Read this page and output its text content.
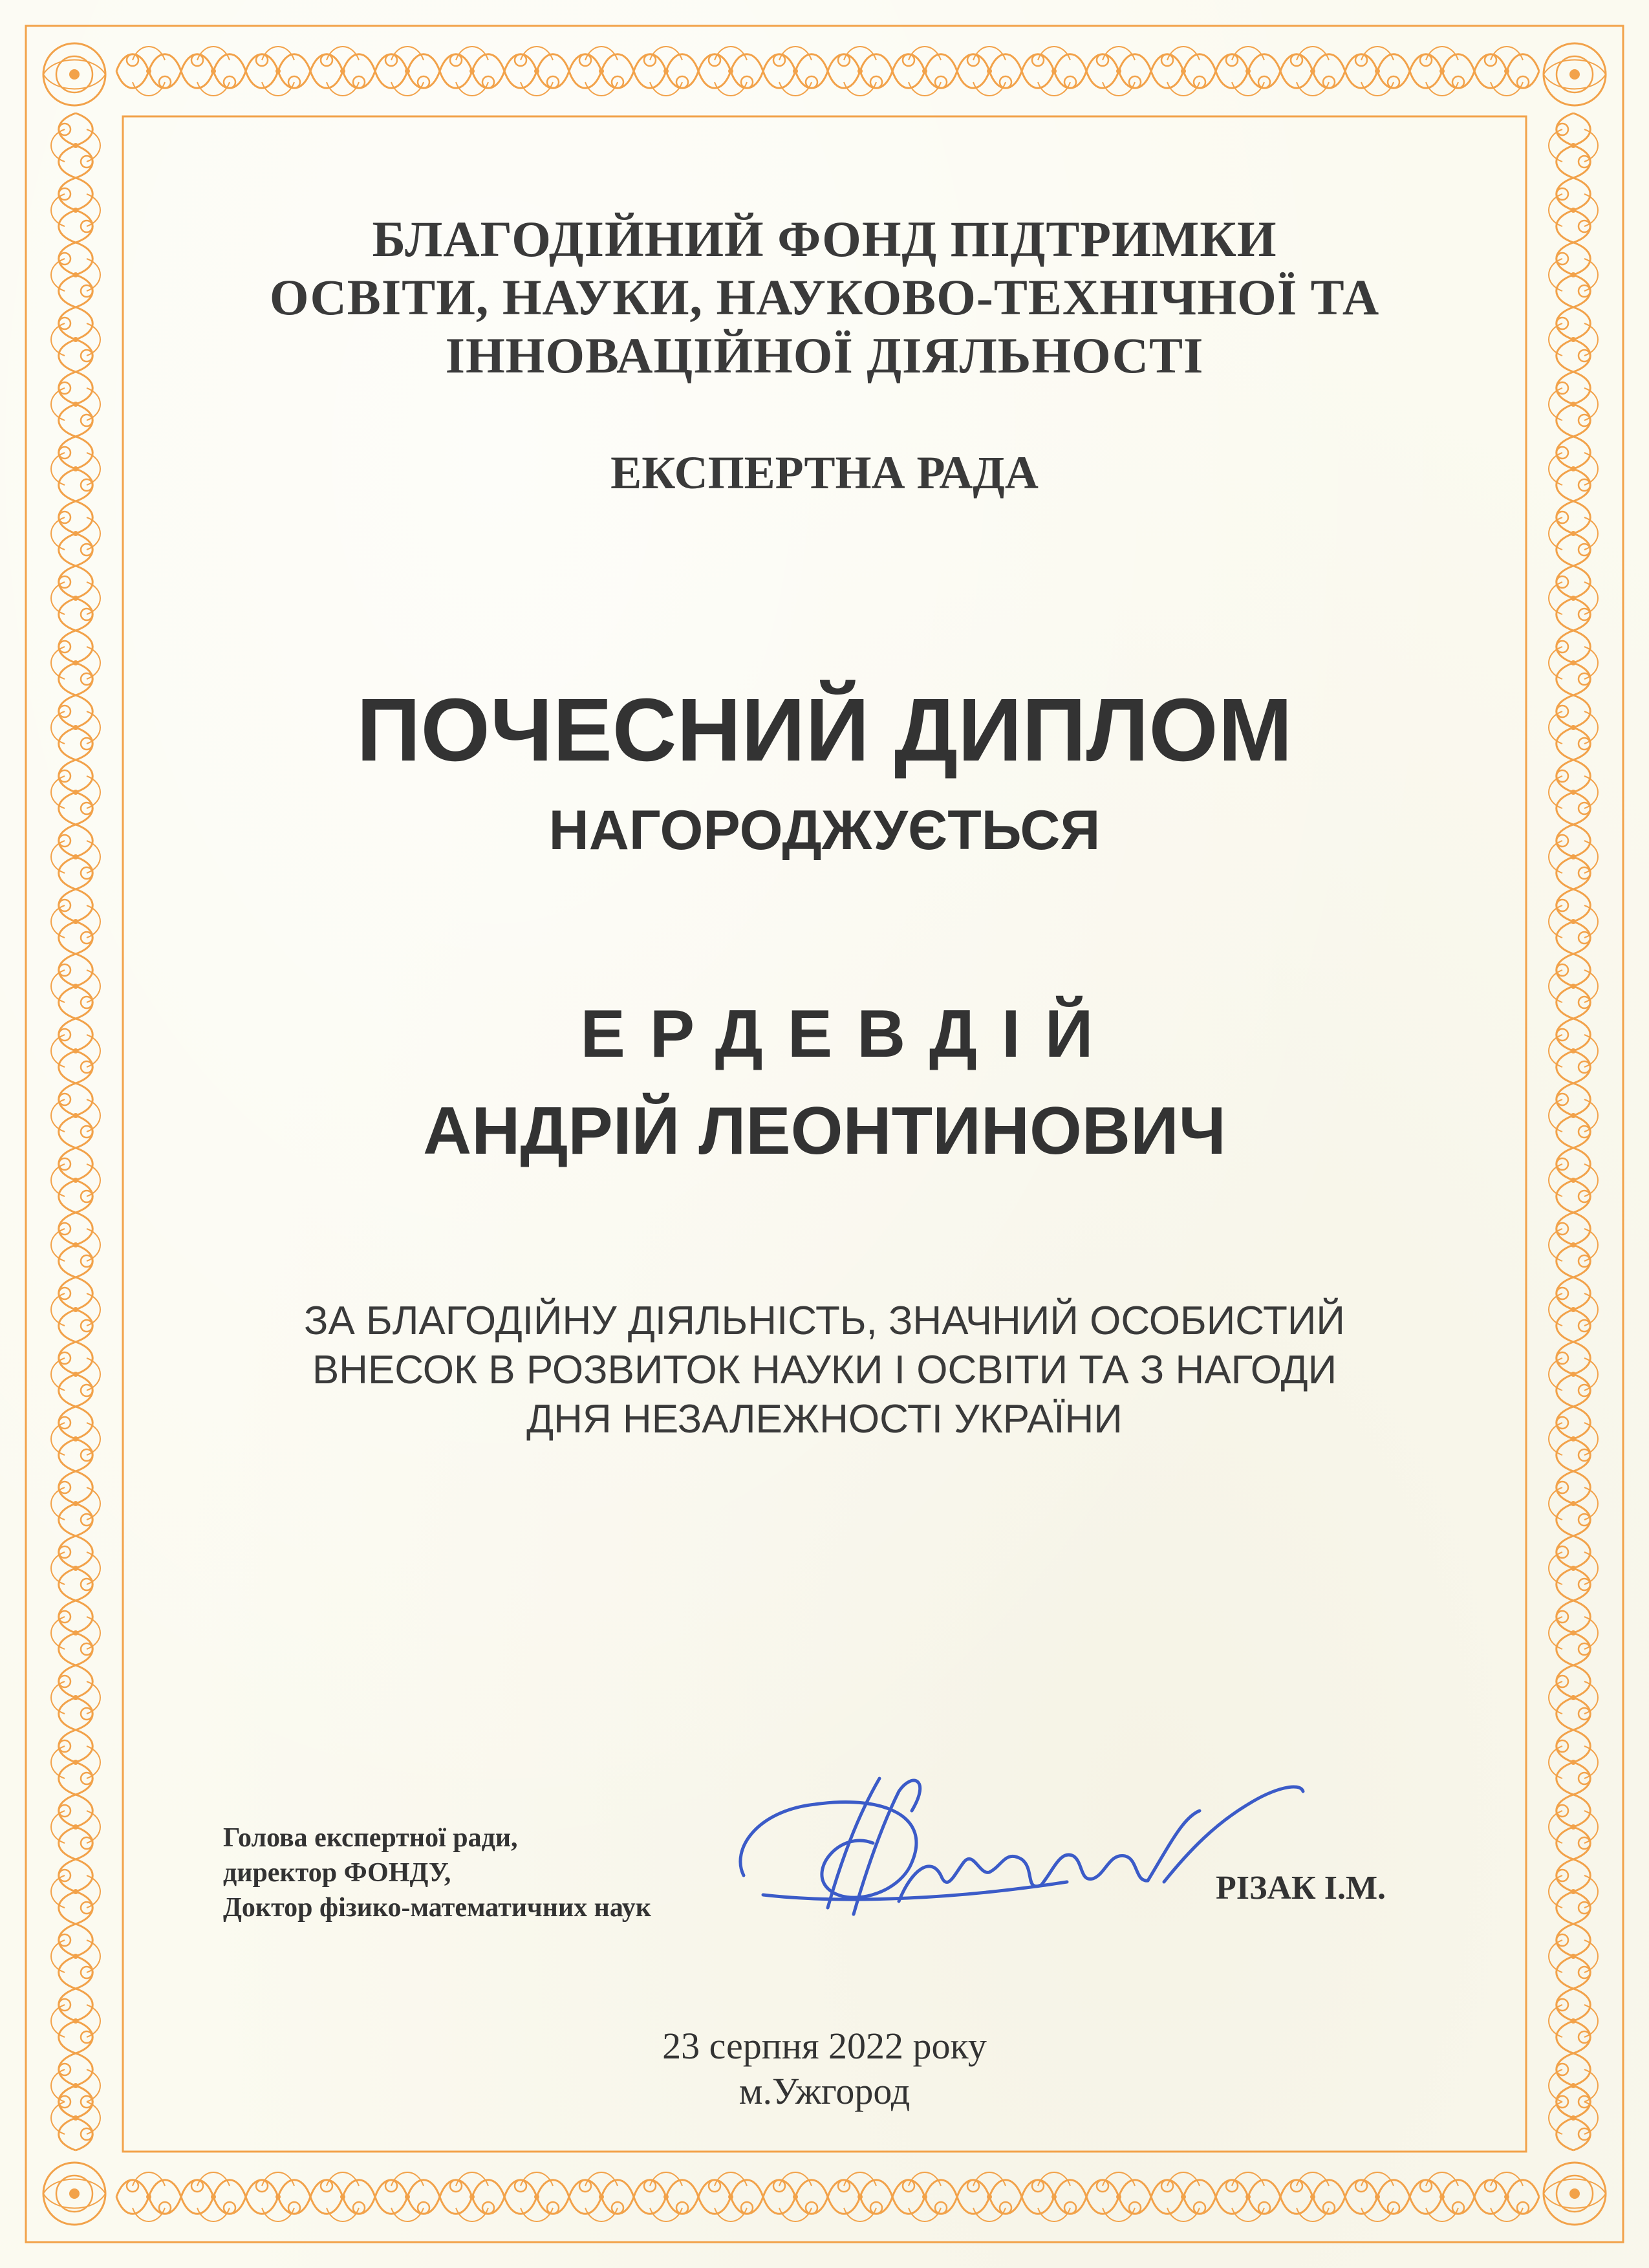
БЛАГОДІЙНИЙ ФОНД ПІДТРИМКИ
ОСВІТИ, НАУКИ, НАУКОВО-ТЕХНІЧНОЇ ТА
ІННОВАЦІЙНОЇ ДІЯЛЬНОСТІ
ЕКСПЕРТНА РАДА
ПОЧЕСНИЙ ДИПЛОМ
НАГОРОДЖУЄТЬСЯ
ЕРДЕВДІЙ
АНДРІЙ ЛЕОНТИНОВИЧ
ЗА БЛАГОДІЙНУ ДІЯЛЬНІСТЬ, ЗНАЧНИЙ ОСОБИСТИЙ
ВНЕСОК В РОЗВИТОК НАУКИ І ОСВІТИ ТА З НАГОДИ
ДНЯ НЕЗАЛЕЖНОСТІ УКРАЇНИ
Голова експертної ради,
директор ФОНДУ,
Доктор фізико-математичних наук
РІЗАК І.М.
23 серпня 2022 року
м.Ужгород
